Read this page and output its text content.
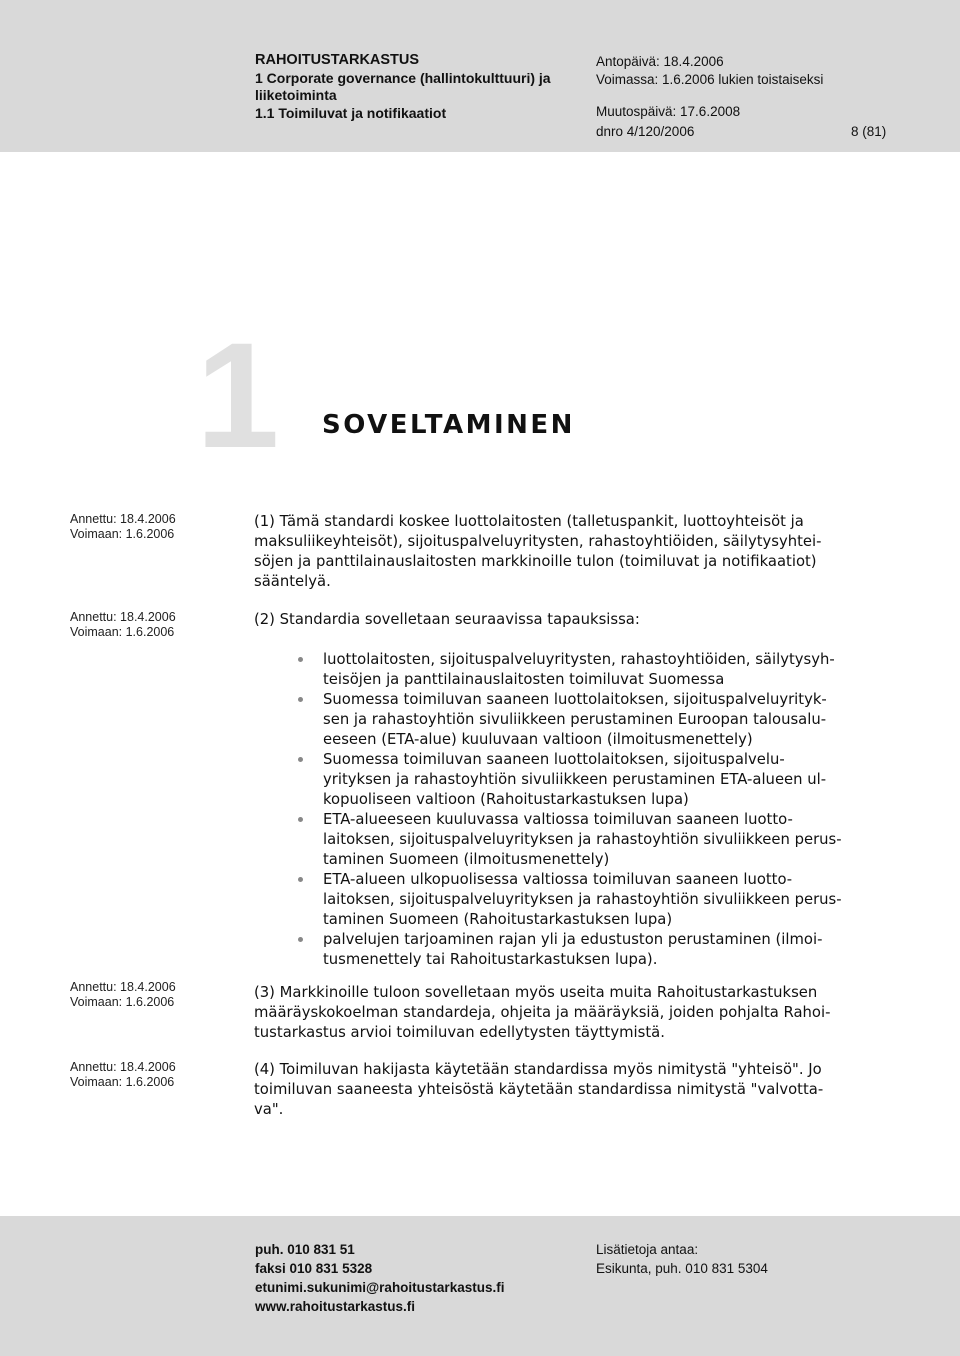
RAHOITUSTARKASTUS
1 Corporate governance (hallintokulttuuri) ja
liiketoiminta
1.1 Toimiluvat ja notifikaatiot
Antopäivä: 18.4.2006
Voimassa: 1.6.2006 lukien toistaiseksi
Muutospäivä: 17.6.2008
dnro 4/120/2006	8 (81)
1 SOVELTAMINEN
Annettu: 18.4.2006
Voimaan: 1.6.2006
Annettu: 18.4.2006
Voimaan: 1.6.2006
Annettu: 18.4.2006
Voimaan: 1.6.2006
Annettu: 18.4.2006
Voimaan: 1.6.2006
(1) Tämä standardi koskee luottolaitosten (talletuspankit, luottoyhteisöt ja
maksuliikeyhteisöt), sijoituspalveluyritysten, rahastoyhtiöiden, säilytysyhtei-
söjen ja panttilainauslaitosten markkinoille tulon (toimiluvat ja notifikaatiot)
sääntelyä.
(2) Standardia sovelletaan seuraavissa tapauksissa:
luottolaitosten, sijoituspalveluyritysten, rahastoyhtiöiden, säilytysyh-
teisöjen ja panttilainauslaitosten toimiluvat Suomessa
Suomessa toimiluvan saaneen luottolaitoksen, sijoituspalveluyrityk-
sen ja rahastoyhtiön sivuliikkeen perustaminen Euroopan talousalu-
eeseen (ETA-alue) kuuluvaan valtioon (ilmoitusmenettely)
Suomessa toimiluvan saaneen luottolaitoksen, sijoituspalvelu-
yrityksen ja rahastoyhtiön sivuliikkeen perustaminen ETA-alueen ul-
kopuoliseen valtioon (Rahoitustarkastuksen lupa)
ETA-alueeseen kuuluvassa valtiossa toimiluvan saaneen luotto-
laitoksen, sijoituspalveluyrityksen ja rahastoyhtiön sivuliikkeen perus-
taminen Suomeen (ilmoitusmenettely)
ETA-alueen ulkopuolisessa valtiossa toimiluvan saaneen luotto-
laitoksen, sijoituspalveluyrityksen ja rahastoyhtiön sivuliikkeen perus-
taminen Suomeen (Rahoitustarkastuksen lupa)
palvelujen tarjoaminen rajan yli ja edustuston perustaminen (ilmoi-
tusmenettely tai Rahoitustarkastuksen lupa).
(3) Markkinoille tuloon sovelletaan myös useita muita Rahoitustarkastuksen
määräyskokoelman standardeja, ohjeita ja määräyksiä, joiden pohjalta Rahoi-
tustarkastus arvioi toimiluvan edellytysten täyttymistä.
(4) Toimiluvan hakijasta käytetään standardissa myös nimitystä "yhteisö". Jo
toimiluvan saaneesta yhteisöstä käytetään standardissa nimitystä "valvotta-
va".
puh. 010 831 51
faksi 010 831 5328
etunimi.sukunimi@rahoitustarkastus.fi
www.rahoitustarkastus.fi
Lisätietoja antaa:
Esikunta, puh. 010 831 5304
